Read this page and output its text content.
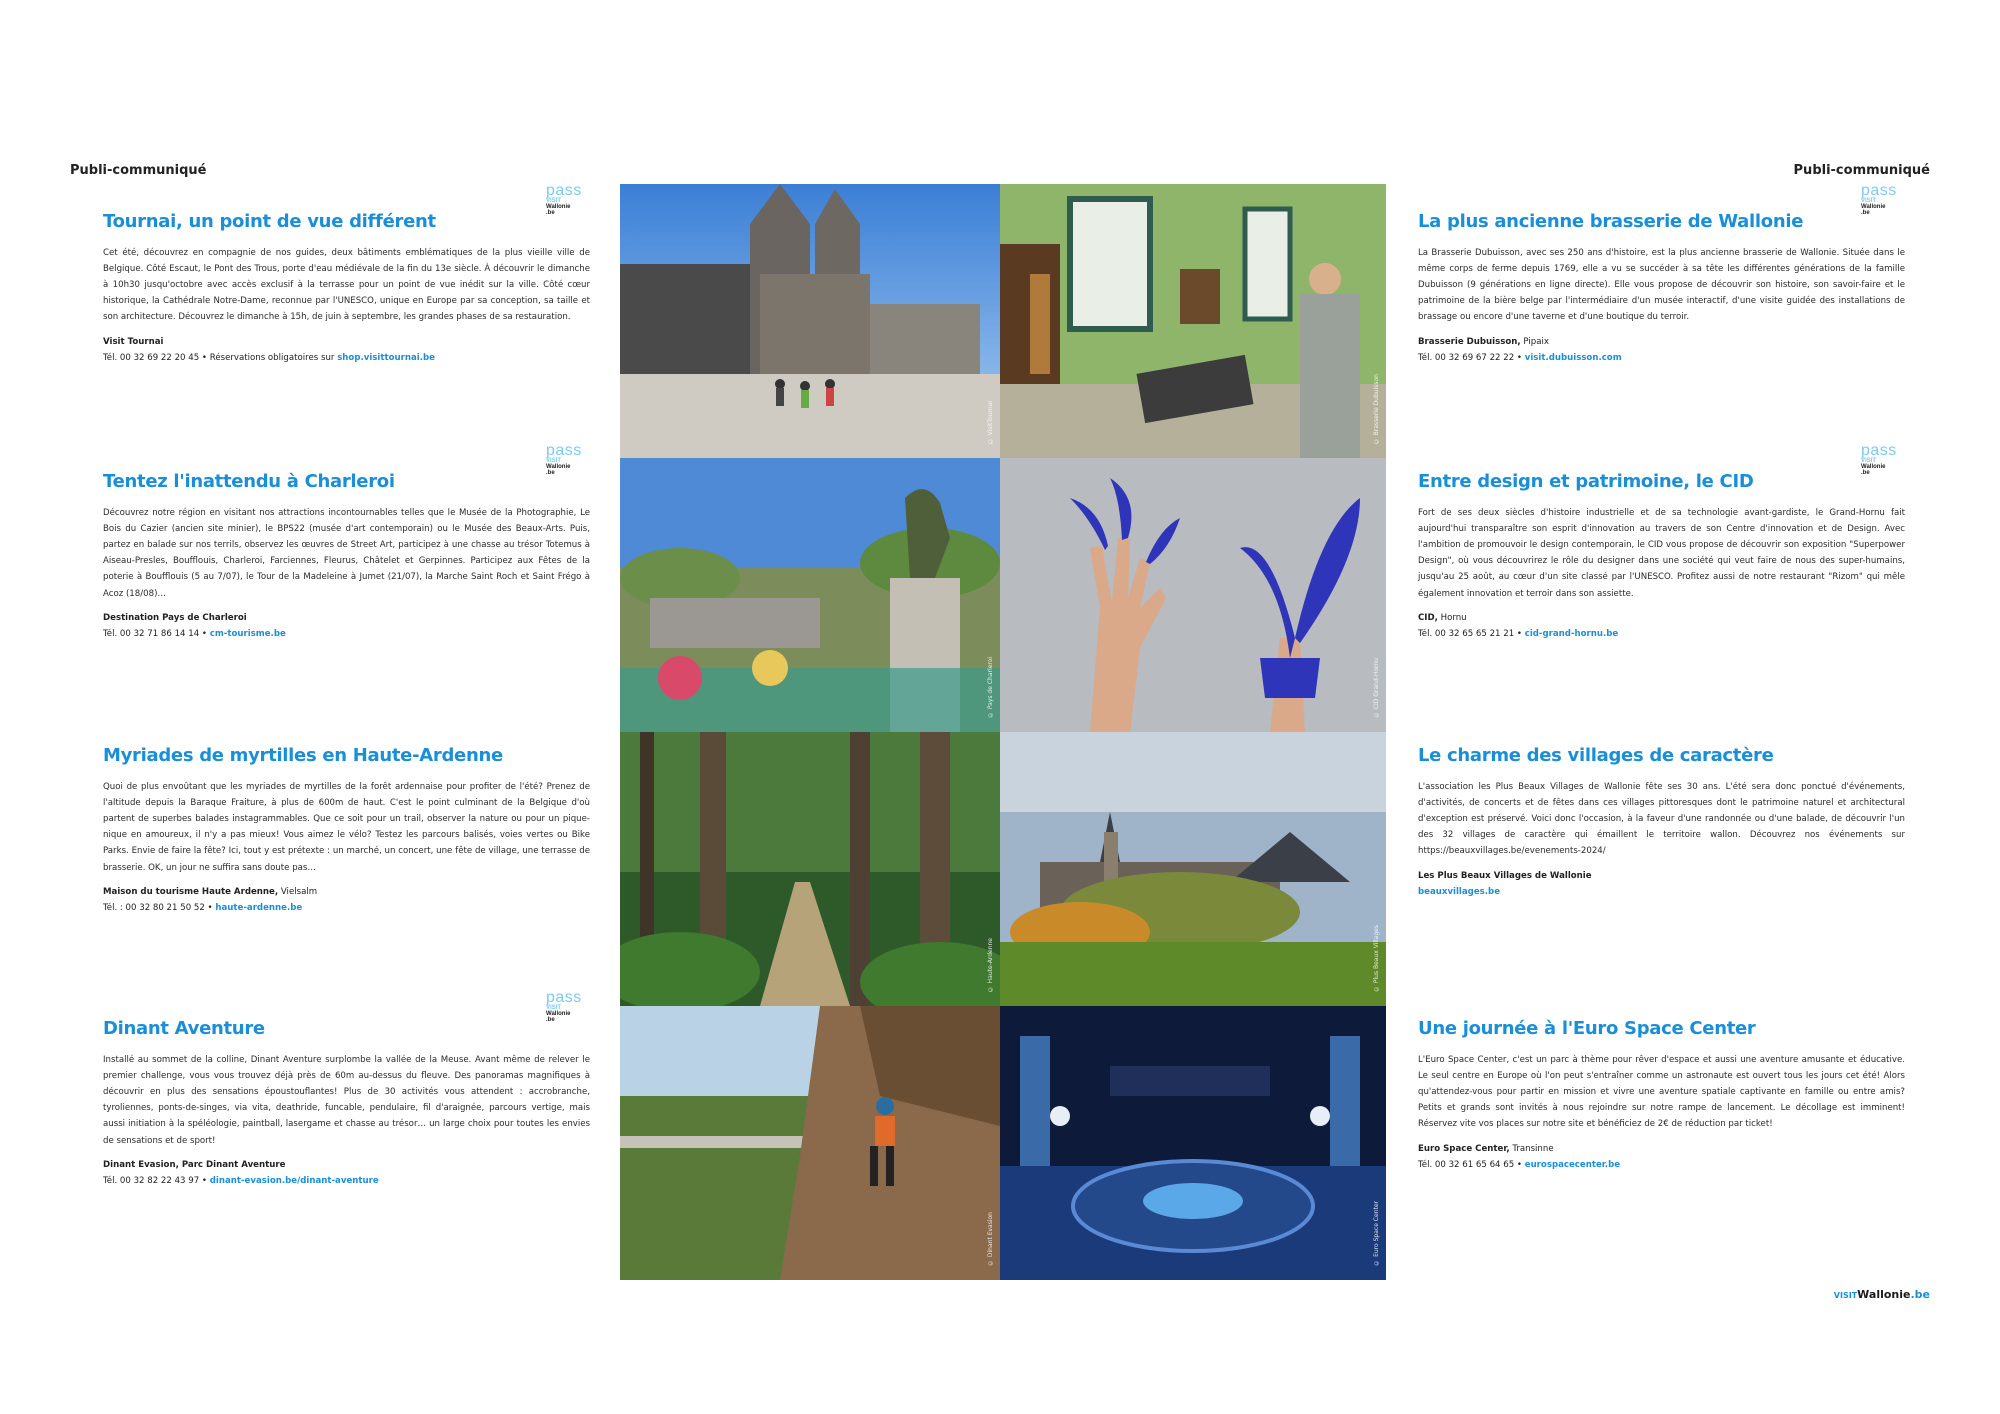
Publi-communiqué	Publi-communiqué
pass
VISIT
Wallonie
.be
Tournai, un point de vue différent

Cet été, découvrez en compagnie de nos guides, deux bâtiments emblématiques de la plus vieille ville de Belgique. Côté Escaut, le Pont des Trous, porte d'eau médiévale de la fin du 13e siècle. À découvrir le dimanche à 10h30 jusqu'octobre avec accès exclusif à la terrasse pour un point de vue inédit sur la ville. Côté cœur historique, la Cathédrale Notre-Dame, reconnue par l'UNESCO, unique en Europe par sa conception, sa taille et son architecture. Découvrez le dimanche à 15h, de juin à septembre, les grandes phases de sa restauration.

Visit Tournai
Tél. 00 32 69 22 20 45 • Réservations obligatoires sur shop.visittournai.be
pass
VISIT
Wallonie
.be
Tentez l'inattendu à Charleroi

Découvrez notre région en visitant nos attractions incontournables telles que le Musée de la Photographie, Le Bois du Cazier (ancien site minier), le BPS22 (musée d'art contemporain) ou le Musée des Beaux-Arts. Puis, partez en balade sur nos terrils, observez les œuvres de Street Art, participez à une chasse au trésor Totemus à Aiseau-Presles, Boufflouis, Charleroi, Farciennes, Fleurus, Châtelet et Gerpinnes. Participez aux Fêtes de la poterie à Boufflouis (5 au 7/07), le Tour de la Madeleine à Jumet (21/07), la Marche Saint Roch et Saint Frégo à Acoz (18/08)…

Destination Pays de Charleroi
Tél. 00 32 71 86 14 14 • cm-tourisme.be
Myriades de myrtilles en Haute-Ardenne

Quoi de plus envoûtant que les myriades de myrtilles de la forêt ardennaise pour profiter de l'été? Prenez de l'altitude depuis la Baraque Fraiture, à plus de 600m de haut. C'est le point culminant de la Belgique d'où partent de superbes balades instagrammables. Que ce soit pour un trail, observer la nature ou pour un pique-nique en amoureux, il n'y a pas mieux! Vous aimez le vélo? Testez les parcours balisés, voies vertes ou Bike Parks. Envie de faire la fête? Ici, tout y est prétexte : un marché, un concert, une fête de village, une terrasse de brasserie. OK, un jour ne suffira sans doute pas…

Maison du tourisme Haute Ardenne, Vielsalm
Tél. : 00 32 80 21 50 52 • haute-ardenne.be
pass
VISIT
Wallonie
.be
Dinant Aventure

Installé au sommet de la colline, Dinant Aventure surplombe la vallée de la Meuse. Avant même de relever le premier challenge, vous vous trouvez déjà près de 60m au-dessus du fleuve. Des panoramas magnifiques à découvrir en plus des sensations époustouflantes! Plus de 30 activités vous attendent : accrobranche, tyroliennes, ponts-de-singes, via vita, deathride, funcable, pendulaire, fil d'araignée, parcours vertige, mais aussi initiation à la spéléologie, paintball, lasergame et chasse au trésor… un large choix pour toutes les envies de sensations et de sport!

Dinant Evasion, Parc Dinant Aventure
Tél. 00 32 82 22 43 97 • dinant-evasion.be/dinant-aventure
© VisitTournai	© Brasserie Dubuisson
© Pays de Charleroi	© CID Grand-Hornu
© Haute-Ardenne	© Plus Beaux Villages
© Dinant Evasion	© Euro Space Center
pass
VISIT
Wallonie
.be
La plus ancienne brasserie de Wallonie

La Brasserie Dubuisson, avec ses 250 ans d'histoire, est la plus ancienne brasserie de Wallonie. Située dans le même corps de ferme depuis 1769, elle a vu se succéder à sa tête les différentes générations de la famille Dubuisson (9 générations en ligne directe). Elle vous propose de découvrir son histoire, son savoir-faire et le patrimoine de la bière belge par l'intermédiaire d'un musée interactif, d'une visite guidée des installations de brassage ou encore d'une taverne et d'une boutique du terroir.

Brasserie Dubuisson, Pipaix
Tél. 00 32 69 67 22 22 • visit.dubuisson.com
pass
VISIT
Wallonie
.be
Entre design et patrimoine, le CID

Fort de ses deux siècles d'histoire industrielle et de sa technologie avant-gardiste, le Grand-Hornu fait aujourd'hui transparaître son esprit d'innovation au travers de son Centre d'innovation et de Design. Avec l'ambition de promouvoir le design contemporain, le CID vous propose de découvrir son exposition "Superpower Design", où vous découvrirez le rôle du designer dans une société qui veut faire de nous des super-humains, jusqu'au 25 août, au cœur d'un site classé par l'UNESCO. Profitez aussi de notre restaurant "Rizom" qui mêle également innovation et terroir dans son assiette.

CID, Hornu
Tél. 00 32 65 65 21 21 • cid-grand-hornu.be
Le charme des villages de caractère

L'association les Plus Beaux Villages de Wallonie fête ses 30 ans. L'été sera donc ponctué d'événements, d'activités, de concerts et de fêtes dans ces villages pittoresques dont le patrimoine naturel et architectural d'exception est préservé. Voici donc l'occasion, à la faveur d'une randonnée ou d'une balade, de découvrir l'un des 32 villages de caractère qui émaillent le territoire wallon. Découvrez nos événements sur https://beauxvillages.be/evenements-2024/

Les Plus Beaux Villages de Wallonie
beauxvillages.be
Une journée à l'Euro Space Center

L'Euro Space Center, c'est un parc à thème pour rêver d'espace et aussi une aventure amusante et éducative. Le seul centre en Europe où l'on peut s'entraîner comme un astronaute est ouvert tous les jours cet été! Alors qu'attendez-vous pour partir en mission et vivre une aventure spatiale captivante en famille ou entre amis? Petits et grands sont invités à nous rejoindre sur notre rampe de lancement. Le décollage est imminent! Réservez vite vos places sur notre site et bénéficiez de 2€ de réduction par ticket!

Euro Space Center, Transinne
Tél. 00 32 61 65 64 65 • eurospacecenter.be
VISITWallonie.be
